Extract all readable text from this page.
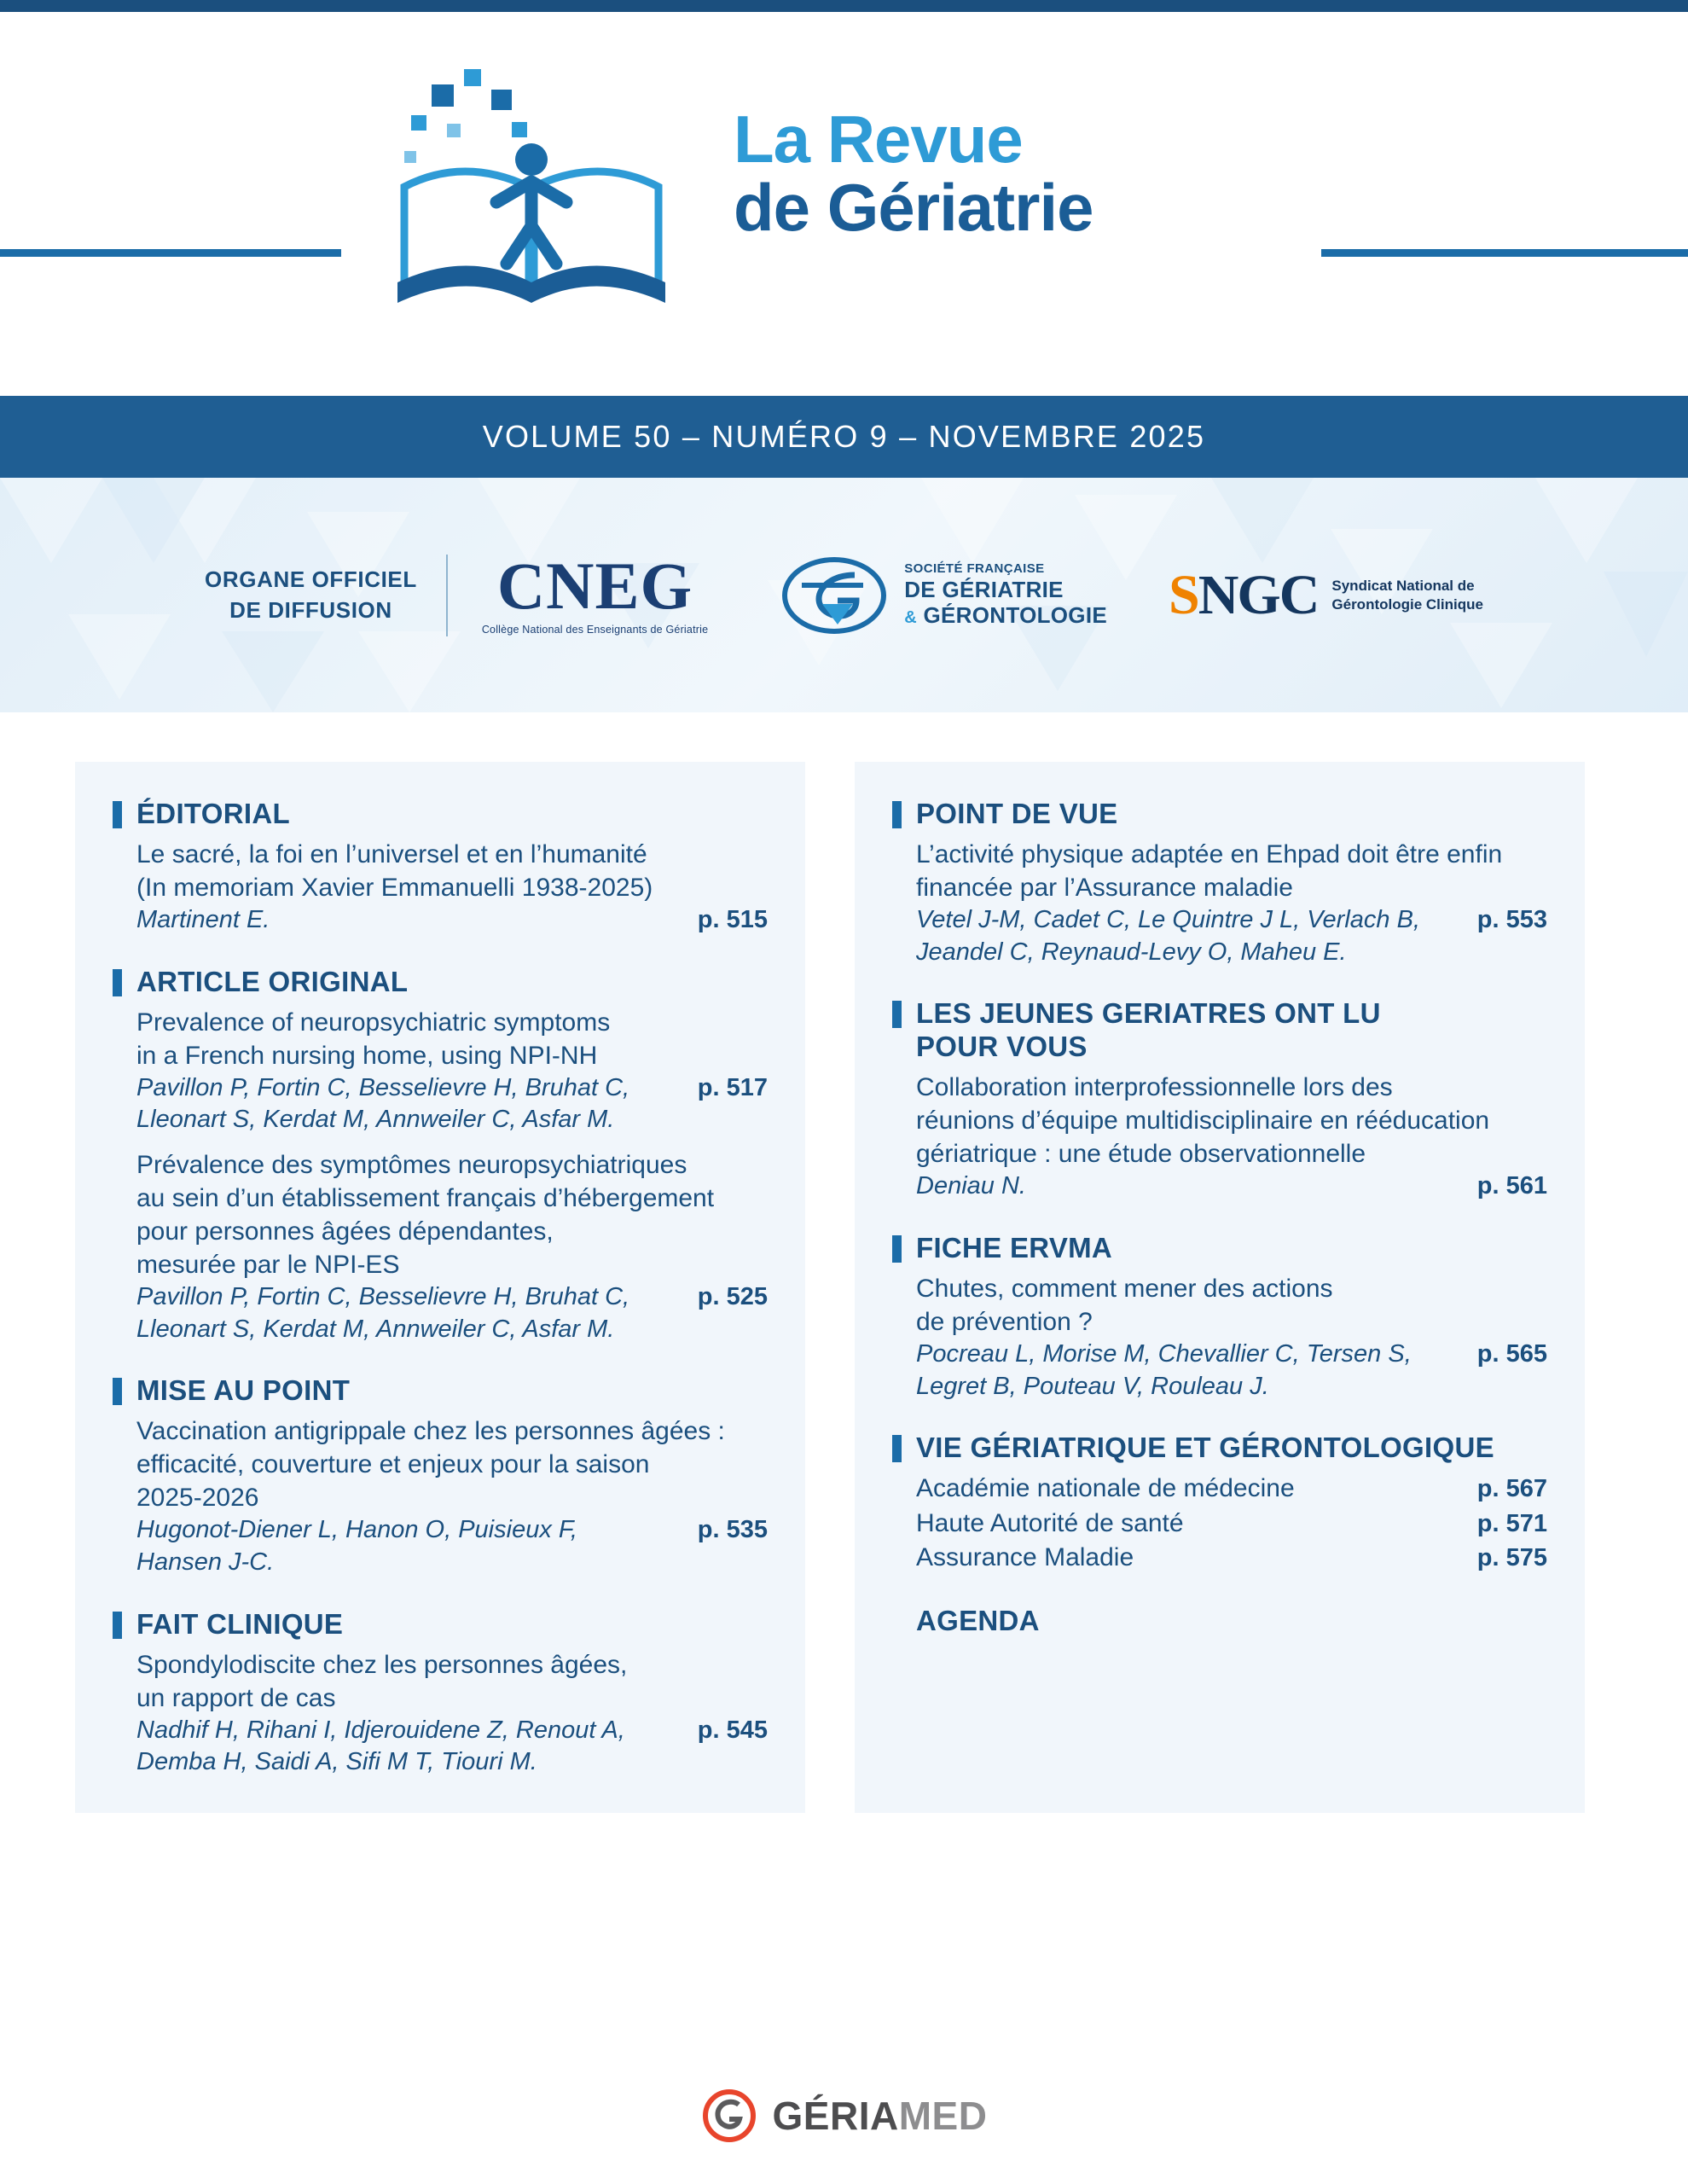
La Revue
de Gériatrie
VOLUME 50 – NUMÉRO 9 – NOVEMBRE 2025
ORGANE OFFICIEL
DE DIFFUSION	CNEG
Collège National des Enseignants de Gériatrie
SOCIÉTÉ FRANÇAISE
DE GÉRIATRIE
& GÉRONTOLOGIE SNGC Syndicat National de
Gérontologie Clinique
ÉDITORIAL
Le sacré, la foi en l’universel et en l’humanité
(In memoriam Xavier Emmanuelli 1938-2025)
Martinent E.	p. 515
ARTICLE ORIGINAL
Prevalence of neuropsychiatric symptoms
in a French nursing home, using NPI-NH
Pavillon P, Fortin C, Besselievre H, Bruhat C,
Lleonart S, Kerdat M, Annweiler C, Asfar M.
p. 517
Prévalence des symptômes neuropsychiatriques
au sein d’un établissement français d’hébergement
pour personnes âgées dépendantes,
mesurée par le NPI-ES
Pavillon P, Fortin C, Besselievre H, Bruhat C,
Lleonart S, Kerdat M, Annweiler C, Asfar M.
p. 525
MISE AU POINT
Vaccination antigrippale chez les personnes âgées :
efficacité, couverture et enjeux pour la saison
2025-2026
Hugonot-Diener L, Hanon O, Puisieux F,
Hansen J-C.
p. 535
FAIT CLINIQUE
Spondylodiscite chez les personnes âgées,
un rapport de cas
Nadhif H, Rihani I, Idjerouidene Z, Renout A,
Demba H, Saidi A, Sifi M T, Tiouri M.
p. 545
POINT DE VUE
L’activité physique adaptée en Ehpad doit être enfin
financée par l’Assurance maladie
Vetel J-M, Cadet C, Le Quintre J L, Verlach B,
Jeandel C, Reynaud-Levy O, Maheu E.
p. 553
LES JEUNES GERIATRES ONT LU
POUR VOUS
Collaboration interprofessionnelle lors des
réunions d’équipe multidisciplinaire en rééducation
gériatrique : une étude observationnelle
Deniau N.	p. 561
FICHE ERVMA
Chutes, comment mener des actions
de prévention ?
Pocreau L, Morise M, Chevallier C, Tersen S,
Legret B, Pouteau V, Rouleau J.
p. 565
VIE GÉRIATRIQUE ET GÉRONTOLOGIQUE
Académie nationale de médecine	p. 567
Haute Autorité de santé	p. 571
Assurance Maladie	p. 575
AGENDA
GÉRIAMED
